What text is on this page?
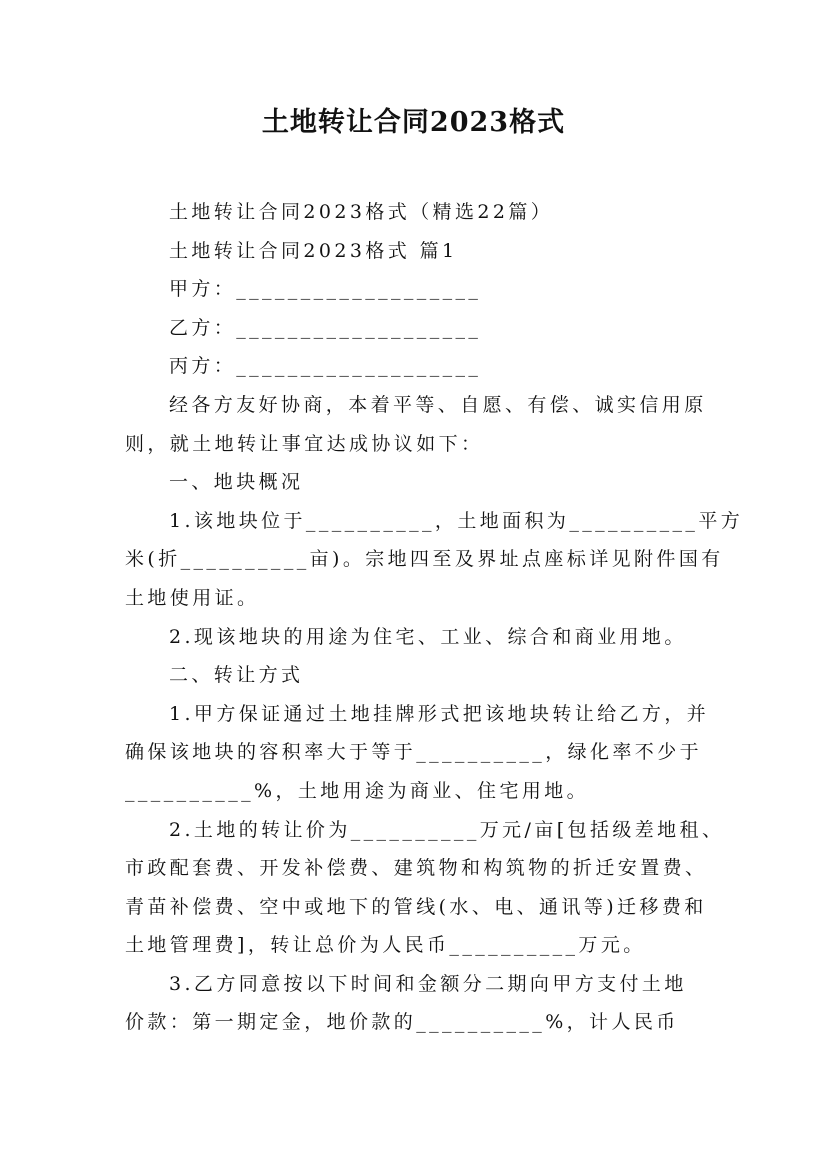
土地转让合同2023格式

土地转让合同2023格式（精选22篇）

土地转让合同2023格式 篇1

甲方：___________________

乙方：___________________

丙方：___________________

经各方友好协商，本着平等、自愿、有偿、诚实信用原

则，就土地转让事宜达成协议如下：

一、地块概况

1.该地块位于__________，土地面积为__________平方

米(折__________亩)。宗地四至及界址点座标详见附件国有

土地使用证。

2.现该地块的用途为住宅、工业、综合和商业用地。

二、转让方式

1.甲方保证通过土地挂牌形式把该地块转让给乙方，并

确保该地块的容积率大于等于__________，绿化率不少于

__________%，土地用途为商业、住宅用地。

2.土地的转让价为__________万元/亩[包括级差地租、

市政配套费、开发补偿费、建筑物和构筑物的折迁安置费、

青苗补偿费、空中或地下的管线(水、电、通讯等)迁移费和

土地管理费]，转让总价为人民币__________万元。

3.乙方同意按以下时间和金额分二期向甲方支付土地

价款：第一期定金，地价款的__________%，计人民币
